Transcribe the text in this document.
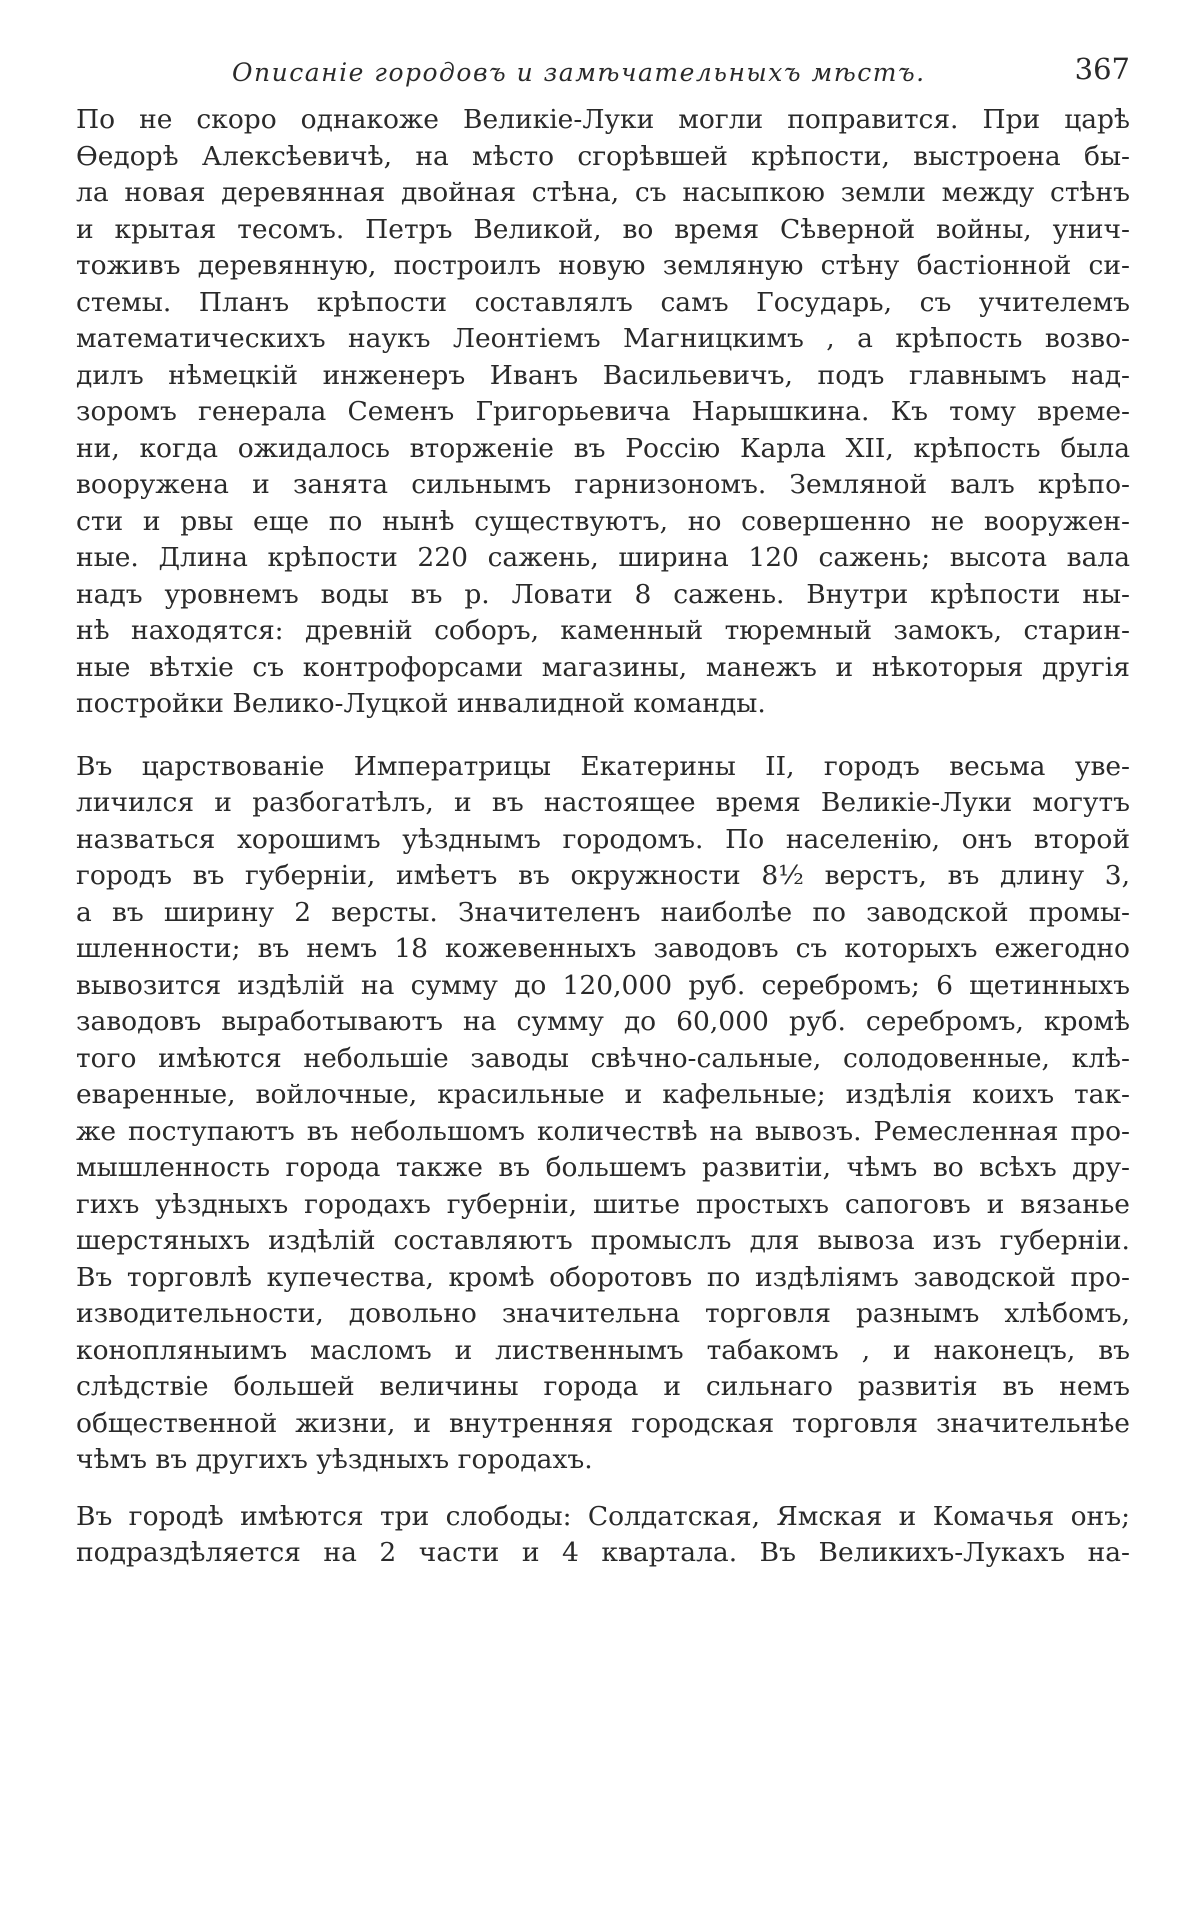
Описаніе городовъ и замѣчательныхъ мѣстъ.	367
По не скоро однакоже Великіе-Луки могли поправится. При царѣ
Ѳедорѣ Алексѣевичѣ, на мѣсто сгорѣвшей крѣпости, выстроена бы-
ла новая деревянная двойная стѣна, съ насыпкою земли между стѣнъ
и крытая тесомъ. Петръ Великой, во время Сѣверной войны, унич-
тоживъ деревянную, построилъ новую земляную стѣну бастіонной си-
стемы. Планъ крѣпости составлялъ самъ Государь, съ учителемъ
математическихъ наукъ Леонтіемъ Магницкимъ , а крѣпость возво-
дилъ нѣмецкій инженеръ Иванъ Васильевичъ, подъ главнымъ над-
зоромъ генерала Семенъ Григорьевича Нарышкина. Къ тому време-
ни, когда ожидалось вторженіе въ Россію Карла XII, крѣпость была
вооружена и занята сильнымъ гарнизономъ. Земляной валъ крѣпо-
сти и рвы еще по нынѣ существуютъ, но совершенно не вооружен-
ные. Длина крѣпости 220 сажень, ширина 120 сажень; высота вала
надъ уровнемъ воды въ р. Ловати 8 сажень. Внутри крѣпости ны-
нѣ находятся: древній соборъ, каменный тюремный замокъ, старин-
ные вѣтхіе съ контрофорсами магазины, манежъ и нѣкоторыя другія
постройки Велико-Луцкой инвалидной команды.
Въ царствованіе Императрицы Екатерины II, городъ весьма уве-
личился и разбогатѣлъ, и въ настоящее время Великіе-Луки могутъ
назваться хорошимъ уѣзднымъ городомъ. По населенію, онъ второй
городъ въ губерніи, имѣетъ въ окружности 8½ верстъ, въ длину 3,
а въ ширину 2 версты. Значителенъ наиболѣе по заводской промы-
шленности; въ немъ 18 кожевенныхъ заводовъ съ которыхъ ежегодно
вывозится издѣлій на сумму до 120,000 руб. серебромъ; 6 щетинныхъ
заводовъ выработываютъ на сумму до 60,000 руб. серебромъ, кромѣ
того имѣются небольшіе заводы свѣчно-сальные, солодовенные, клѣ-
еваренные, войлочные, красильные и кафельные; издѣлія коихъ так-
же поступаютъ въ небольшомъ количествѣ на вывозъ. Ремесленная про-
мышленность города также въ большемъ развитіи, чѣмъ во всѣхъ дру-
гихъ уѣздныхъ городахъ губерніи, шитье простыхъ сапоговъ и вязанье
шерстяныхъ издѣлій составляютъ промыслъ для вывоза изъ губерніи.
Въ торговлѣ купечества, кромѣ оборотовъ по издѣліямъ заводской про-
изводительности, довольно значительна торговля разнымъ хлѣбомъ,
конопляныимъ масломъ и лиственнымъ табакомъ , и наконецъ, въ
слѣдствіе большей величины города и сильнаго развитія въ немъ
общественной жизни, и внутренняя городская торговля значительнѣе
чѣмъ въ другихъ уѣздныхъ городахъ.
Въ городѣ имѣются три слободы: Солдатская, Ямская и Комачья онъ;
подраздѣляется на 2 части и 4 квартала. Въ Великихъ-Лукахъ на-
